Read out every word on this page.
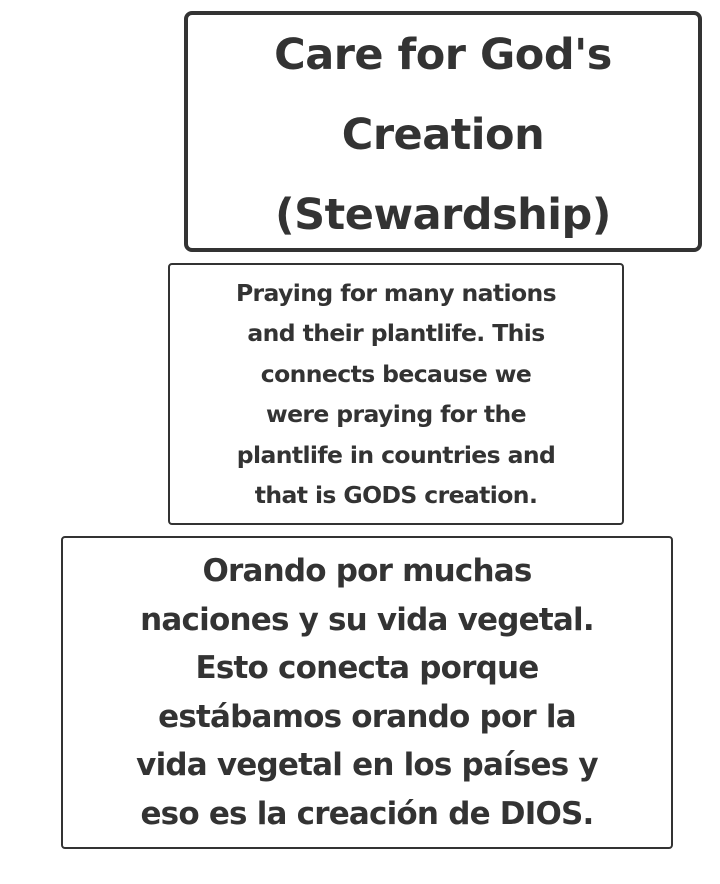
Care for God's
Creation
(Stewardship)
Praying for many nations
and their plantlife. This
connects because we
were praying for the
plantlife in countries and
that is GODS creation.
Orando por muchas
naciones y su vida vegetal.
Esto conecta porque
estábamos orando por la
vida vegetal en los países y
eso es la creación de DIOS.
